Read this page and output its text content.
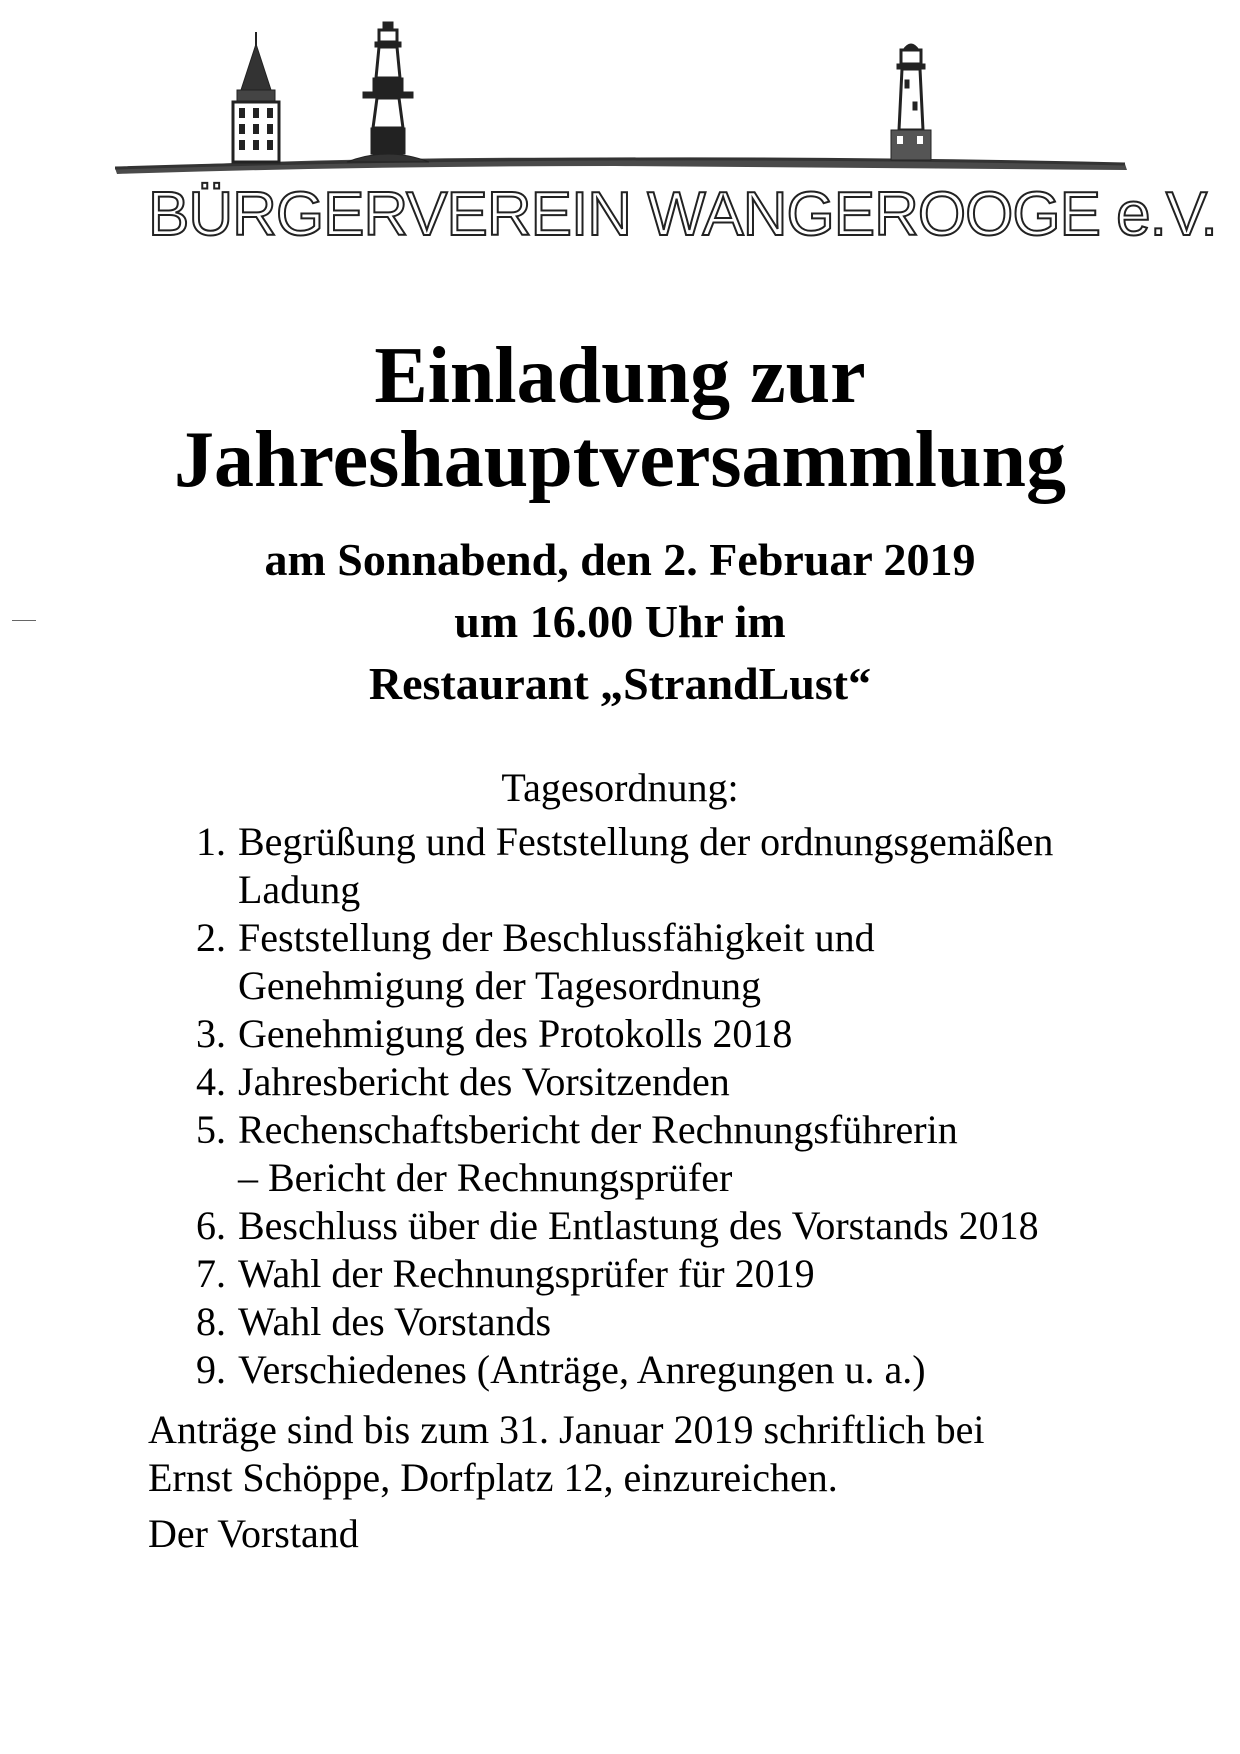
BÜRGERVEREIN WANGEROOGE e.V.
Einladung zur
Jahreshauptversammlung
am Sonnabend, den 2. Februar 2019
um 16.00 Uhr im
Restaurant „StrandLust“
Tagesordnung:
1. Begrüßung und Feststellung der ordnungsgemäßen
Ladung
2. Feststellung der Beschlussfähigkeit und
Genehmigung der Tagesordnung
3. Genehmigung des Protokolls 2018
4. Jahresbericht des Vorsitzenden
5. Rechenschaftsbericht der Rechnungsführerin
– Bericht der Rechnungsprüfer
6. Beschluss über die Entlastung des Vorstands 2018
7. Wahl der Rechnungsprüfer für 2019
8. Wahl des Vorstands
9. Verschiedenes (Anträge, Anregungen u. a.)
Anträge sind bis zum 31. Januar 2019 schriftlich bei
Ernst Schöppe, Dorfplatz 12, einzureichen.
Der Vorstand
